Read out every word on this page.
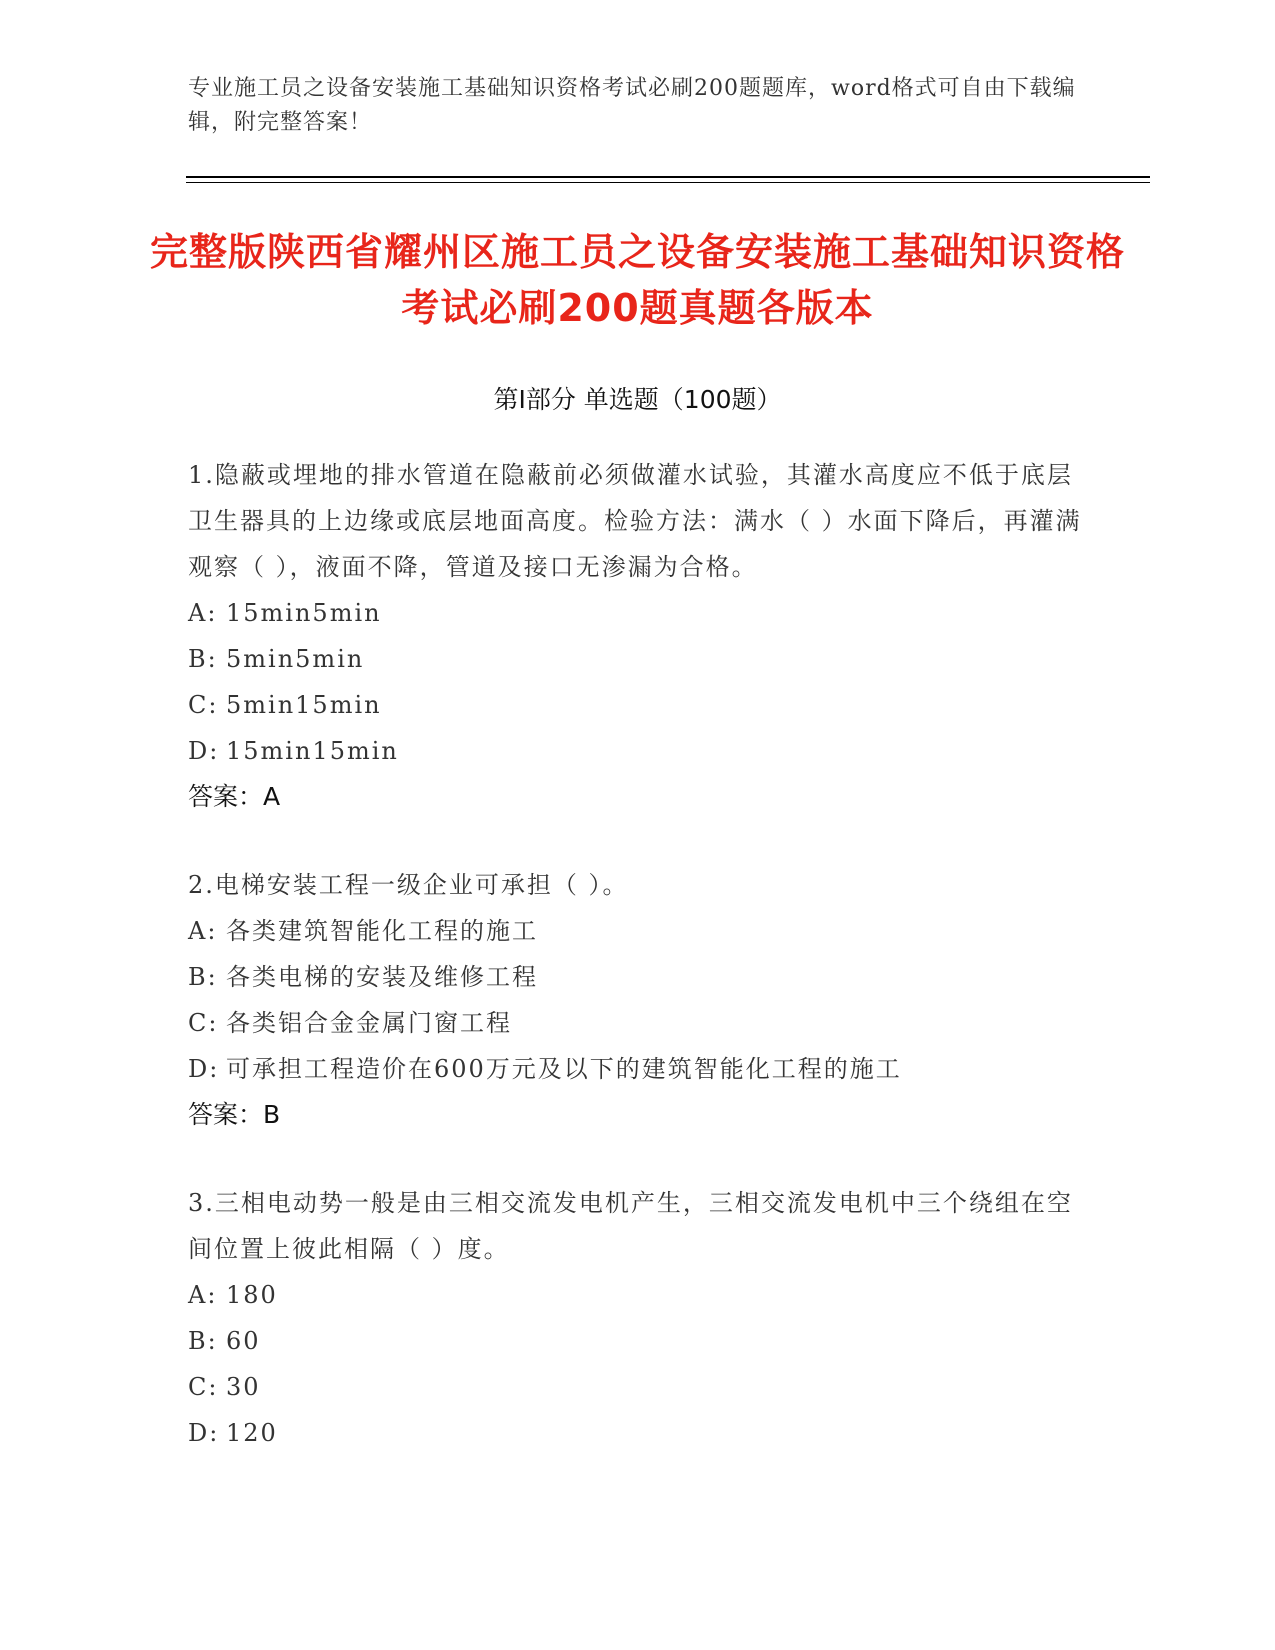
专业施工员之设备安装施工基础知识资格考试必刷200题题库，word格式可自由下载编辑，附完整答案！
完整版陕西省耀州区施工员之设备安装施工基础知识资格考试必刷200题真题各版本
第I部分 单选题（100题）

1.隐蔽或埋地的排水管道在隐蔽前必须做灌水试验，其灌水高度应不低于底层卫生器具的上边缘或底层地面高度。检验方法：满水（ ）水面下降后，再灌满观察（ ），液面不降，管道及接口无渗漏为合格。

A: 15min5min

B: 5min5min

C: 5min15min

D: 15min15min

答案：A

2.电梯安装工程一级企业可承担（ ）。

A: 各类建筑智能化工程的施工

B: 各类电梯的安装及维修工程

C: 各类铝合金金属门窗工程

D: 可承担工程造价在600万元及以下的建筑智能化工程的施工

答案：B

3.三相电动势一般是由三相交流发电机产生，三相交流发电机中三个绕组在空间位置上彼此相隔（ ）度。

A: 180

B: 60

C: 30

D: 120
